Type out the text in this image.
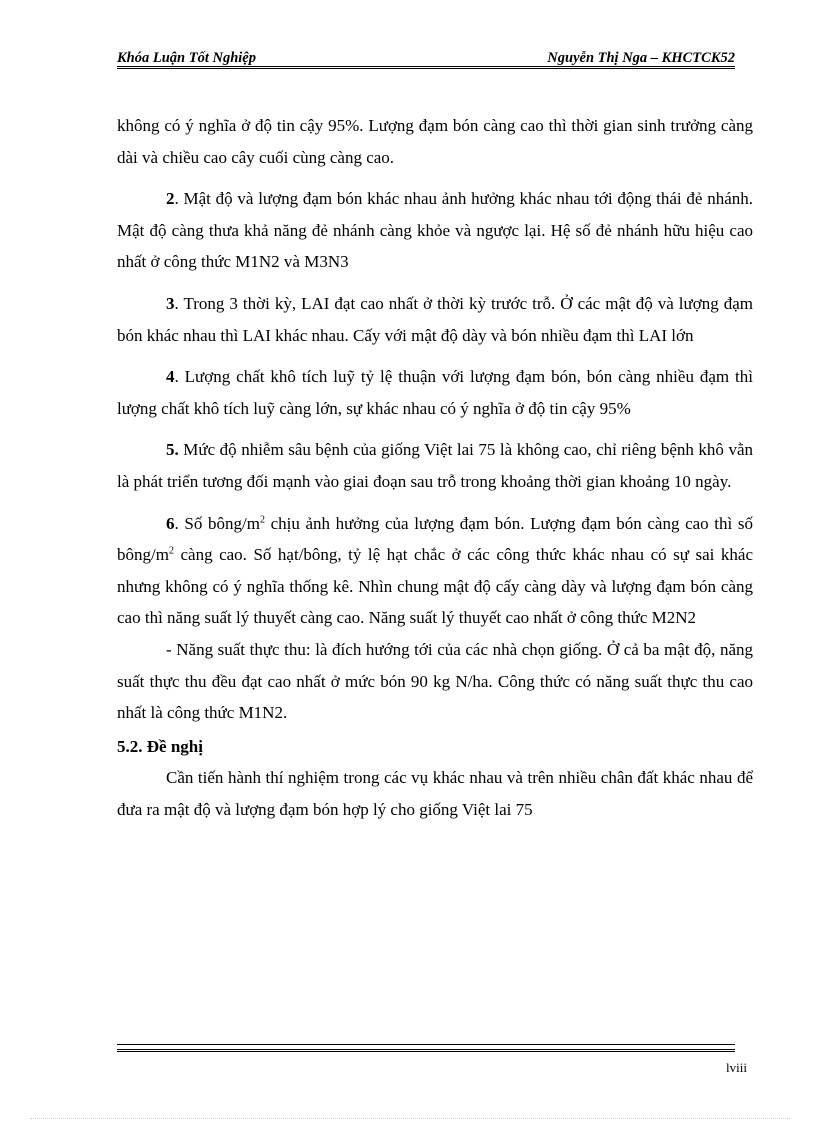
Khóa Luận Tốt Nghiệp	Nguyễn Thị Nga – KHCTCK52

không có ý nghĩa ở độ tin cậy 95%. Lượng đạm bón càng cao thì thời gian sinh trưởng càng dài và chiều cao cây cuối cùng càng cao.

2. Mật độ và lượng đạm bón khác nhau ảnh hưởng khác nhau tới động thái đẻ nhánh. Mật độ càng thưa khả năng đẻ nhánh càng khỏe và ngược lại. Hệ số đẻ nhánh hữu hiệu cao nhất ở công thức M1N2 và M3N3

3. Trong 3 thời kỳ, LAI đạt cao nhất ở thời kỳ trước trỗ. Ở các mật độ và lượng đạm bón khác nhau thì LAI khác nhau. Cấy với mật độ dày và bón nhiều đạm thì LAI lớn

4. Lượng chất khô tích luỹ tỷ lệ thuận với lượng đạm bón, bón càng nhiều đạm thì lượng chất khô tích luỹ càng lớn, sự khác nhau có ý nghĩa ở độ tin cậy 95%

5. Mức độ nhiễm sâu bệnh của giống Việt lai 75 là không cao, chỉ riêng bệnh khô vằn là phát triển tương đối mạnh vào giai đoạn sau trỗ trong khoảng thời gian khoảng 10 ngày.

6. Số bông/$m^2$ chịu ảnh hưởng của lượng đạm bón. Lượng đạm bón càng cao thì số bông/$m^2$ càng cao. Số hạt/bông, tỷ lệ hạt chắc ở các công thức khác nhau có sự sai khác nhưng không có ý nghĩa thống kê. Nhìn chung mật độ cấy càng dày và lượng đạm bón càng cao thì năng suất lý thuyết càng cao. Năng suất lý thuyết cao nhất ở công thức M2N2

- Năng suất thực thu: là đích hướng tới của các nhà chọn giống. Ở cả ba mật độ, năng suất thực thu đều đạt cao nhất ở mức bón 90 kg N/ha. Công thức có năng suất thực thu cao nhất là công thức M1N2.

5.2. Đề nghị

Cần tiến hành thí nghiệm trong các vụ khác nhau và trên nhiều chân đất khác nhau để đưa ra mật độ và lượng đạm bón hợp lý cho giống Việt lai 75

lviii
